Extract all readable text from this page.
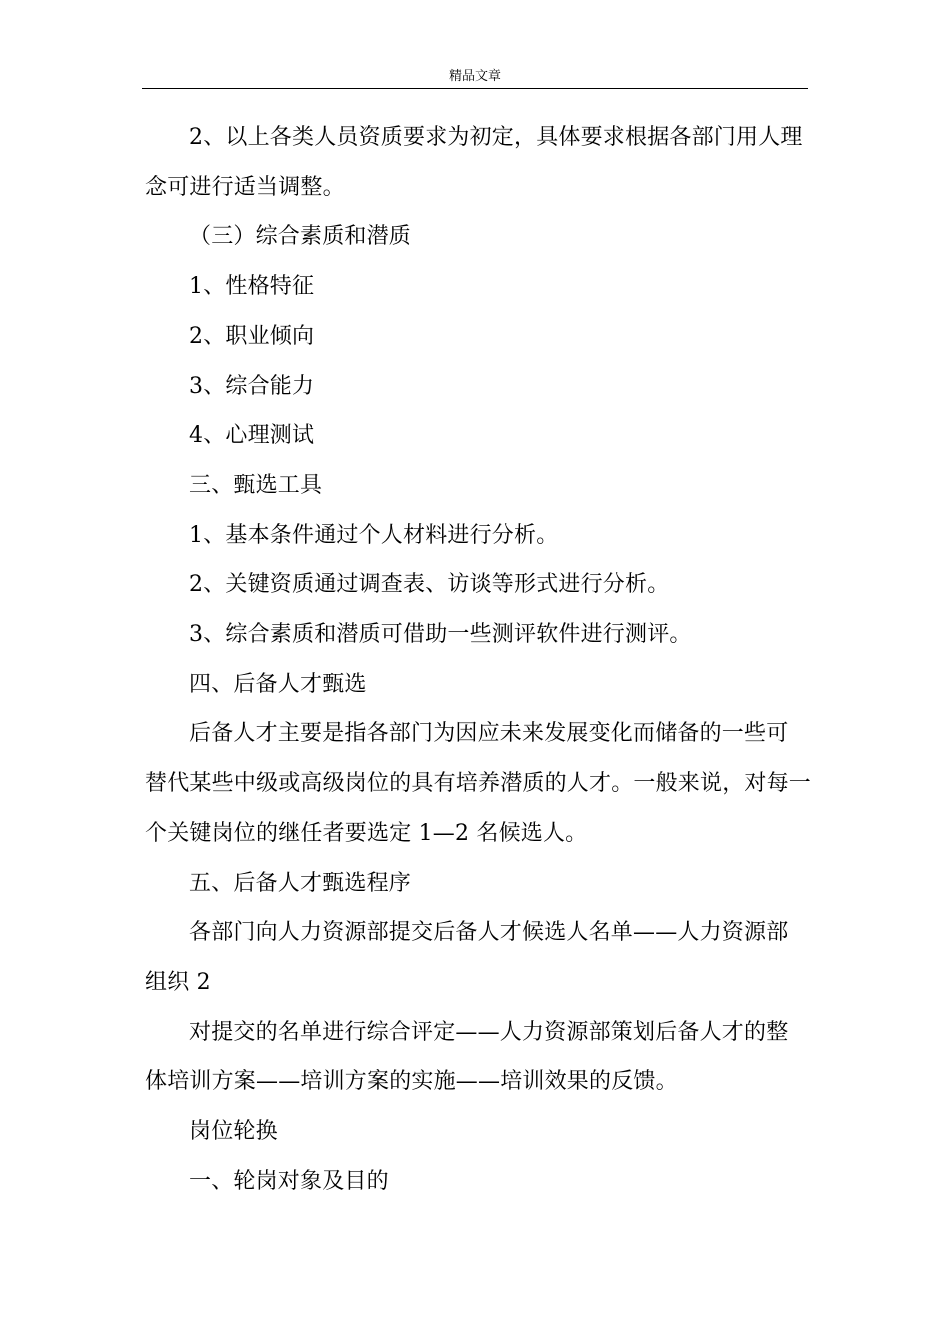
精品文章
2、以上各类人员资质要求为初定，具体要求根据各部门用人理
念可进行适当调整。
（三）综合素质和潜质
1、性格特征
2、职业倾向
3、综合能力
4、心理测试
三、甄选工具
1、基本条件通过个人材料进行分析。
2、关键资质通过调查表、访谈等形式进行分析。
3、综合素质和潜质可借助一些测评软件进行测评。
四、后备人才甄选
后备人才主要是指各部门为因应未来发展变化而储备的一些可
替代某些中级或高级岗位的具有培养潜质的人才。一般来说，对每一
个关键岗位的继任者要选定 1—2 名候选人。
五、后备人才甄选程序
各部门向人力资源部提交后备人才候选人名单——人力资源部
组织 2
对提交的名单进行综合评定——人力资源部策划后备人才的整
体培训方案——培训方案的实施——培训效果的反馈。
岗位轮换
一、轮岗对象及目的
